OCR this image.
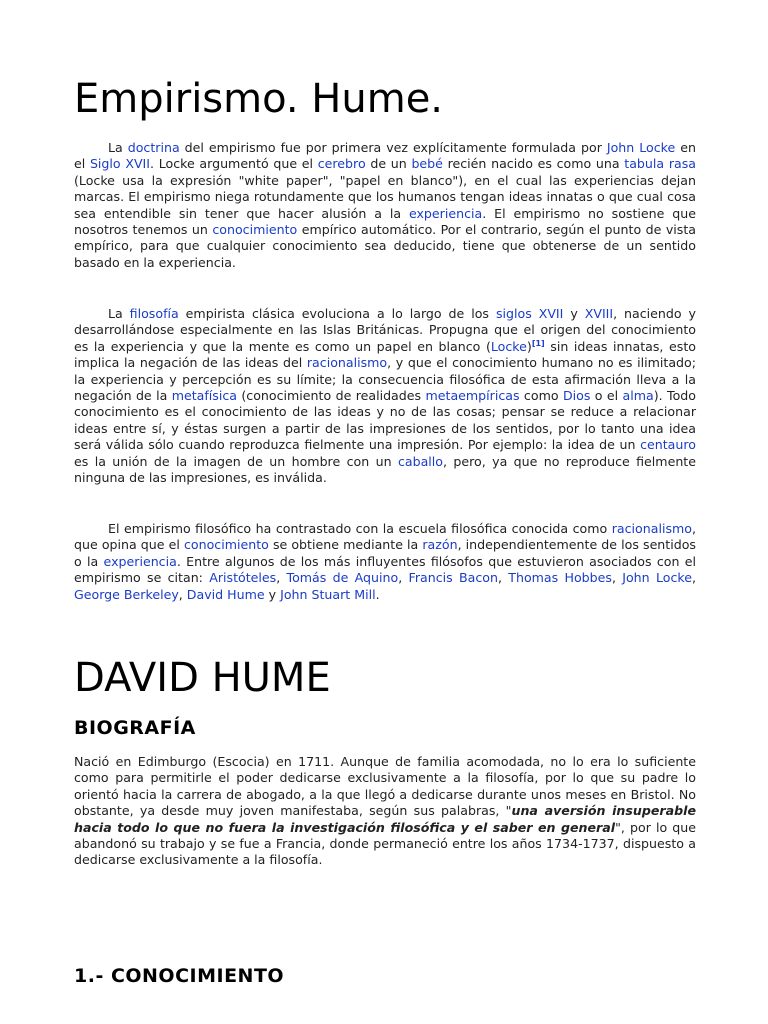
Empirismo. Hume.

La doctrina del empirismo fue por primera vez explícitamente formulada por John Locke en el Siglo XVII. Locke argumentó que el cerebro de un bebé recién nacido es como una tabula rasa (Locke usa la expresión "white paper", "papel en blanco"), en el cual las experiencias dejan marcas. El empirismo niega rotundamente que los humanos tengan ideas innatas o que cual cosa sea entendible sin tener que hacer alusión a la experiencia. El empirismo no sostiene que nosotros tenemos un conocimiento empírico automático. Por el contrario, según el punto de vista empírico, para que cualquier conocimiento sea deducido, tiene que obtenerse de un sentido basado en la experiencia.

La filosofía empirista clásica evoluciona a lo largo de los siglos XVII y XVIII, naciendo y desarrollándose especialmente en las Islas Británicas. Propugna que el origen del conocimiento es la experiencia y que la mente es como un papel en blanco (Locke)[1] sin ideas innatas, esto implica la negación de las ideas del racionalismo, y que el conocimiento humano no es ilimitado; la experiencia y percepción es su límite; la consecuencia filosófica de esta afirmación lleva a la negación de la metafísica (conocimiento de realidades metaempíricas como Dios o el alma). Todo conocimiento es el conocimiento de las ideas y no de las cosas; pensar se reduce a relacionar ideas entre sí, y éstas surgen a partir de las impresiones de los sentidos, por lo tanto una idea será válida sólo cuando reproduzca fielmente una impresión. Por ejemplo: la idea de un centauro es la unión de la imagen de un hombre con un caballo, pero, ya que no reproduce fielmente ninguna de las impresiones, es inválida.

El empirismo filosófico ha contrastado con la escuela filosófica conocida como racionalismo, que opina que el conocimiento se obtiene mediante la razón, independientemente de los sentidos o la experiencia. Entre algunos de los más influyentes filósofos que estuvieron asociados con el empirismo se citan: Aristóteles, Tomás de Aquino, Francis Bacon, Thomas Hobbes, John Locke, George Berkeley, David Hume y John Stuart Mill.

DAVID HUME
BIOGRAFÍA

Nació en Edimburgo (Escocia) en 1711. Aunque de familia acomodada, no lo era lo suficiente como para permitirle el poder dedicarse exclusivamente a la filosofía, por lo que su padre lo orientó hacia la carrera de abogado, a la que llegó a dedicarse durante unos meses en Bristol. No obstante, ya desde muy joven manifestaba, según sus palabras, "una aversión insuperable hacia todo lo que no fuera la investigación filosófica y el saber en general", por lo que abandonó su trabajo y se fue a Francia, donde permaneció entre los años 1734-1737, dispuesto a dedicarse exclusivamente a la filosofía.

1.- CONOCIMIENTO
